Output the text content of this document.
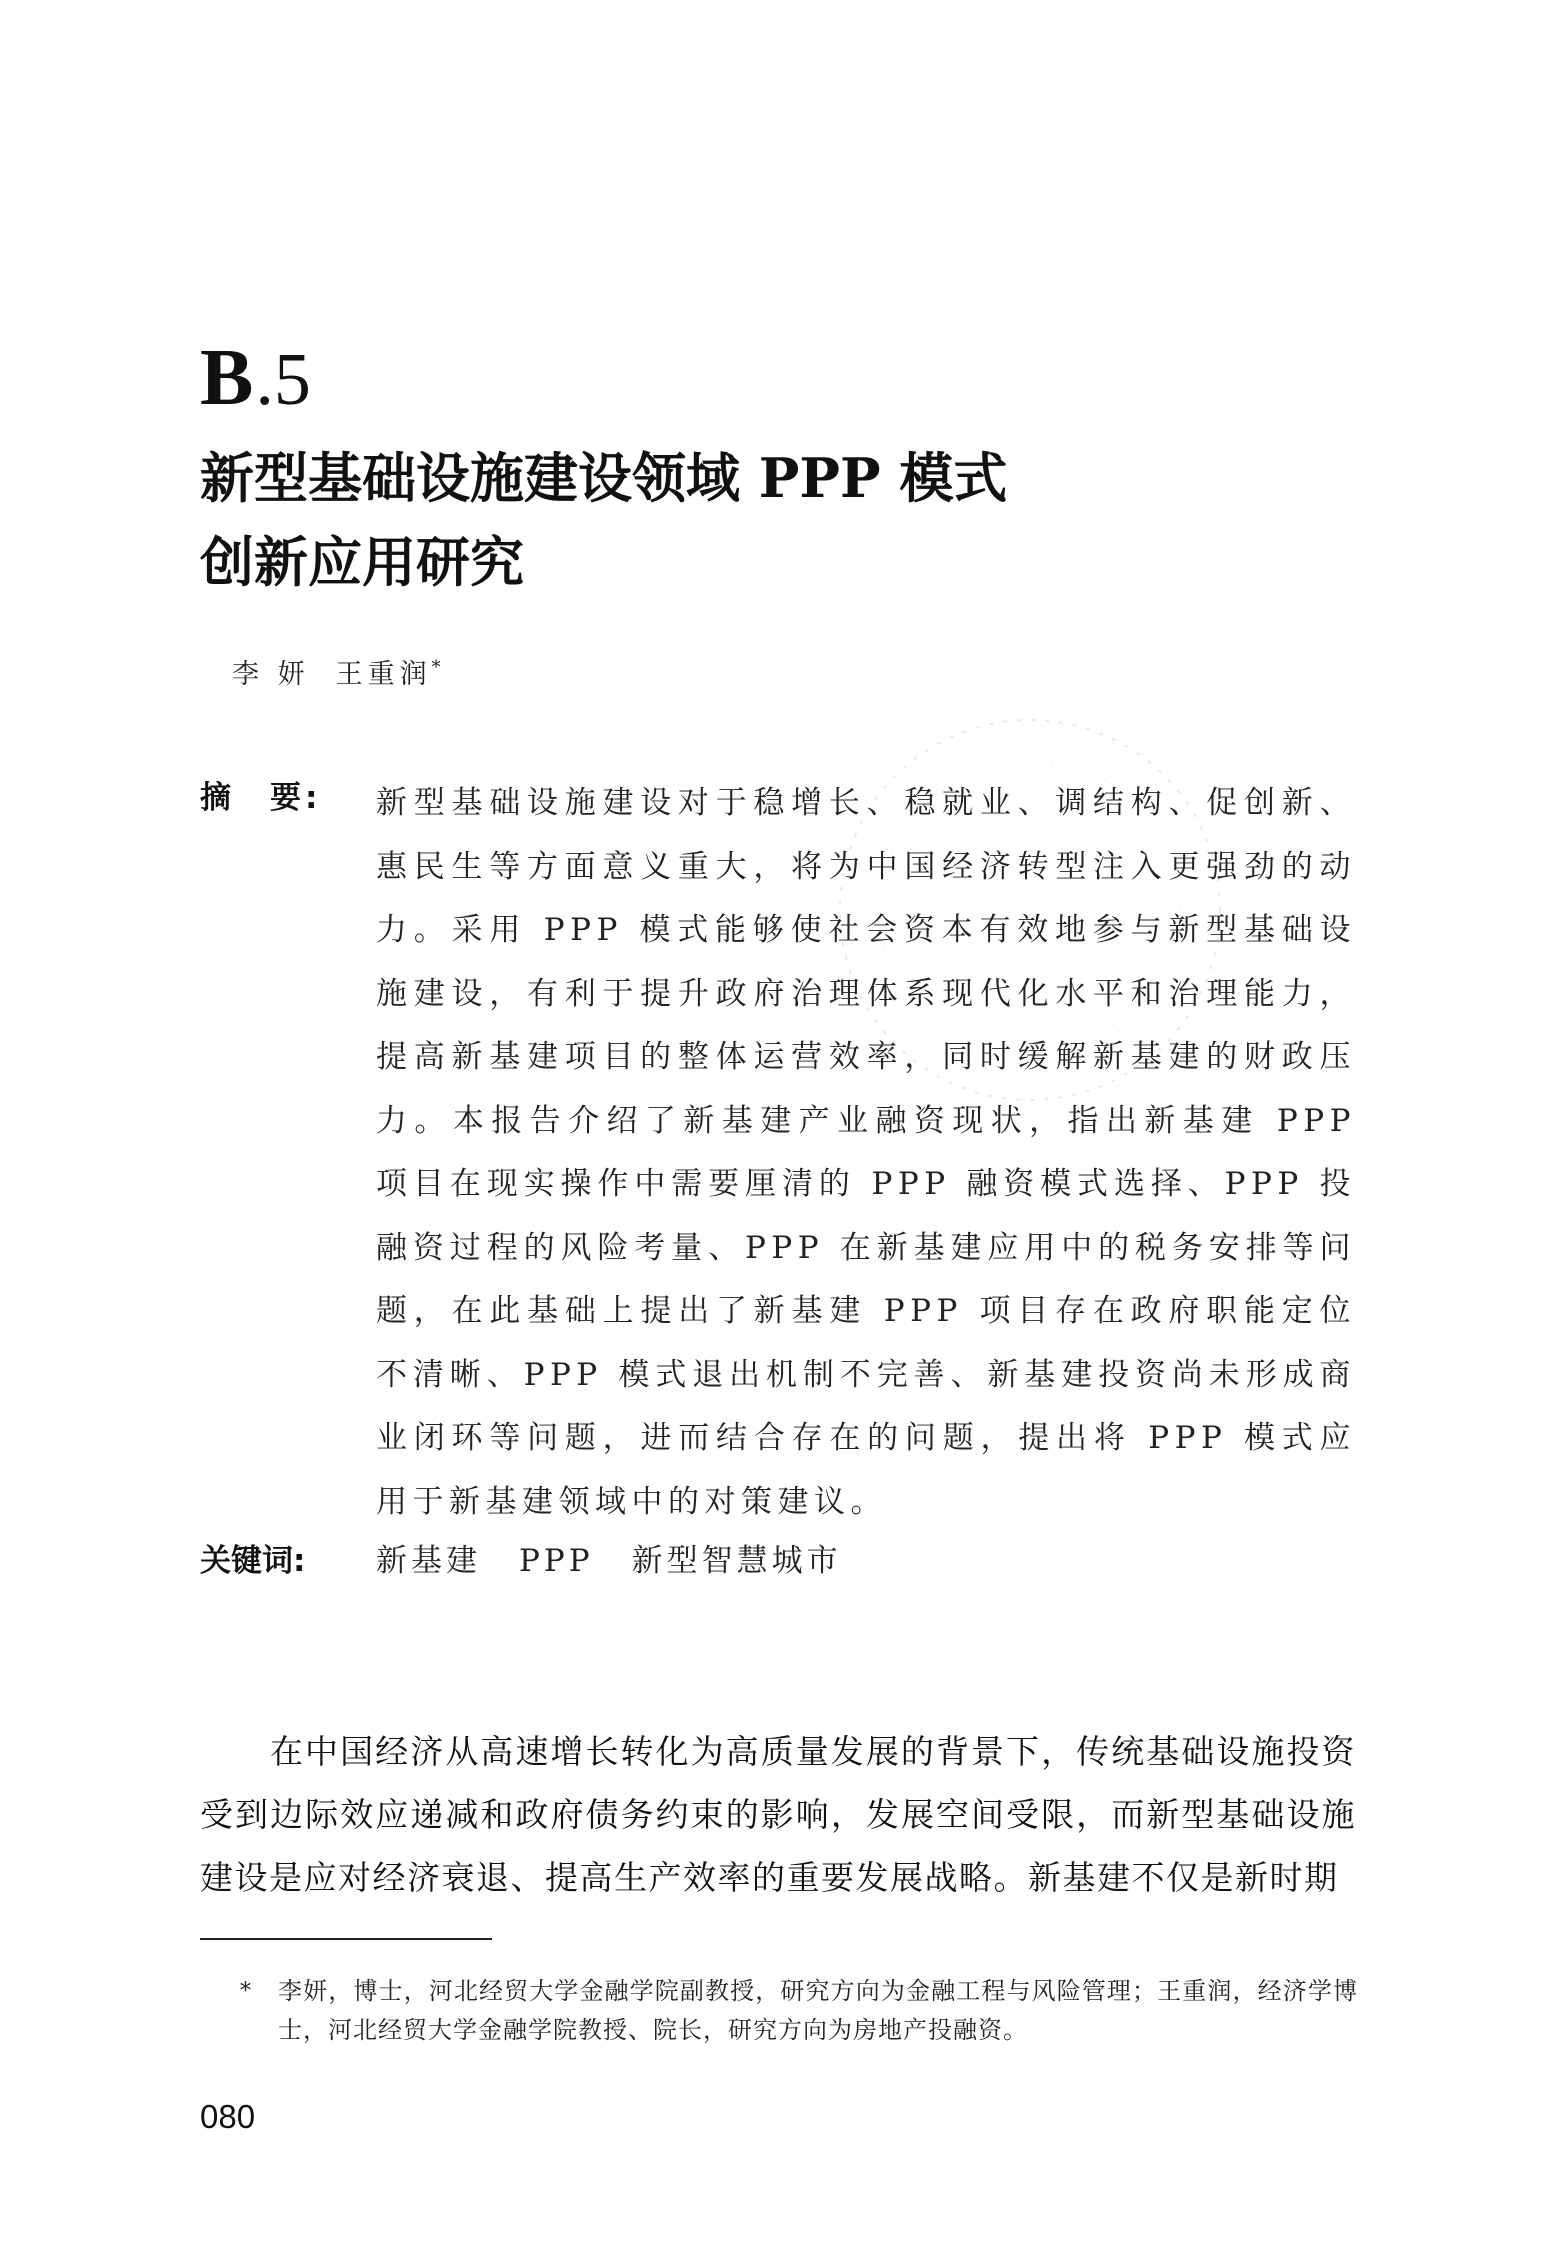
B.5
新型基础设施建设领域 PPP 模式
创新应用研究
李 妍 王重润*
摘　要: 新型基础设施建设对于稳增长、稳就业、调结构、促创新、惠民生等方面意义重大，将为中国经济转型注入更强劲的动力。采用 PPP 模式能够使社会资本有效地参与新型基础设施建设，有利于提升政府治理体系现代化水平和治理能力，提高新基建项目的整体运营效率，同时缓解新基建的财政压力。本报告介绍了新基建产业融资现状，指出新基建 PPP 项目在现实操作中需要厘清的 PPP 融资模式选择、PPP 投融资过程的风险考量、PPP 在新基建应用中的税务安排等问题，在此基础上提出了新基建 PPP 项目存在政府职能定位不清晰、PPP 模式退出机制不完善、新基建投资尚未形成商业闭环等问题，进而结合存在的问题，提出将 PPP 模式应用于新基建领域中的对策建议。

关键词: 新基建 PPP 新型智慧城市

在中国经济从高速增长转化为高质量发展的背景下，传统基础设施投资受到边际效应递减和政府债务约束的影响，发展空间受限，而新型基础设施建设是应对经济衰退、提高生产效率的重要发展战略。新基建不仅是新时期

* 李妍，博士，河北经贸大学金融学院副教授，研究方向为金融工程与风险管理；王重润，经济学博士，河北经贸大学金融学院教授、院长，研究方向为房地产投融资。
080
